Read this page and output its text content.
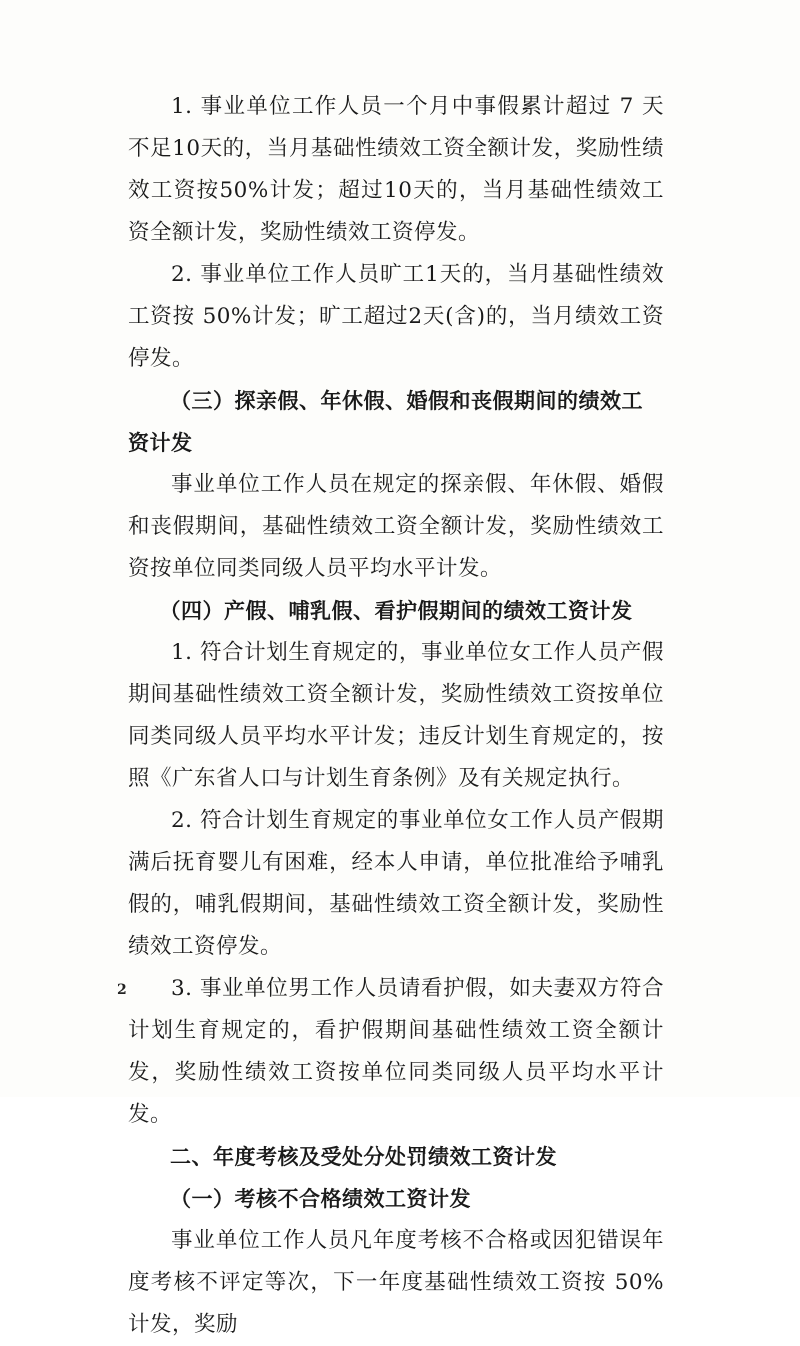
1. 事业单位工作人员一个月中事假累计超过 7 天不足10天的，当月基础性绩效工资全额计发，奖励性绩效工资按50%计发；超过10天的，当月基础性绩效工资全额计发，奖励性绩效工资停发。

2. 事业单位工作人员旷工1天的，当月基础性绩效工资按 50%计发；旷工超过2天(含)的，当月绩效工资停发。

（三）探亲假、年休假、婚假和丧假期间的绩效工资计发

事业单位工作人员在规定的探亲假、年休假、婚假和丧假期间，基础性绩效工资全额计发，奖励性绩效工资按单位同类同级人员平均水平计发。

（四）产假、哺乳假、看护假期间的绩效工资计发

1. 符合计划生育规定的，事业单位女工作人员产假期间基础性绩效工资全额计发，奖励性绩效工资按单位同类同级人员平均水平计发；违反计划生育规定的，按照《广东省人口与计划生育条例》及有关规定执行。

2. 符合计划生育规定的事业单位女工作人员产假期满后抚育婴儿有困难，经本人申请，单位批准给予哺乳假的，哺乳假期间，基础性绩效工资全额计发，奖励性绩效工资停发。

3. 事业单位男工作人员请看护假，如夫妻双方符合计划生育规定的，看护假期间基础性绩效工资全额计发，奖励性绩效工资按单位同类同级人员平均水平计发。

二、年度考核及受处分处罚绩效工资计发

（一）考核不合格绩效工资计发

事业单位工作人员凡年度考核不合格或因犯错误年度考核不评定等次，下一年度基础性绩效工资按 50%计发，奖励

2
